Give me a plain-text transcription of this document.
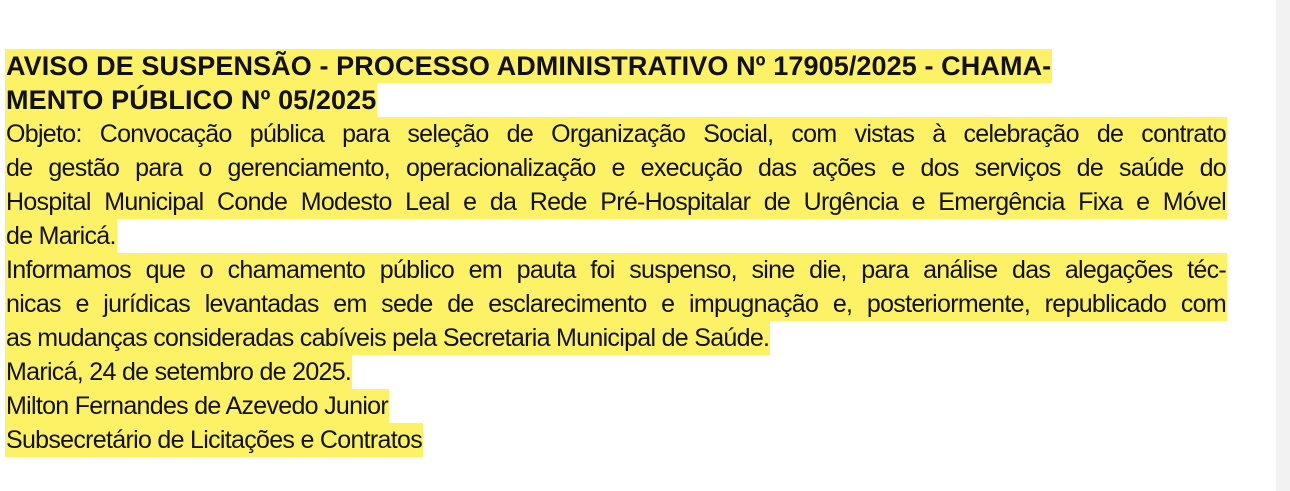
AVISO DE SUSPENSÃO - PROCESSO ADMINISTRATIVO Nº 17905/2025 - CHAMA-
MENTO PÚBLICO Nº 05/2025
Objeto: Convocação pública para seleção de Organização Social, com vistas à celebração de contrato
de gestão para o gerenciamento, operacionalização e execução das ações e dos serviços de saúde do
Hospital Municipal Conde Modesto Leal e da Rede Pré-Hospitalar de Urgência e Emergência Fixa e Móvel
de Maricá.
Informamos que o chamamento público em pauta foi suspenso, sine die, para análise das alegações téc-
nicas e jurídicas levantadas em sede de esclarecimento e impugnação e, posteriormente, republicado com
as mudanças consideradas cabíveis pela Secretaria Municipal de Saúde.
Maricá, 24 de setembro de 2025.
Milton Fernandes de Azevedo Junior
Subsecretário de Licitações e Contratos
